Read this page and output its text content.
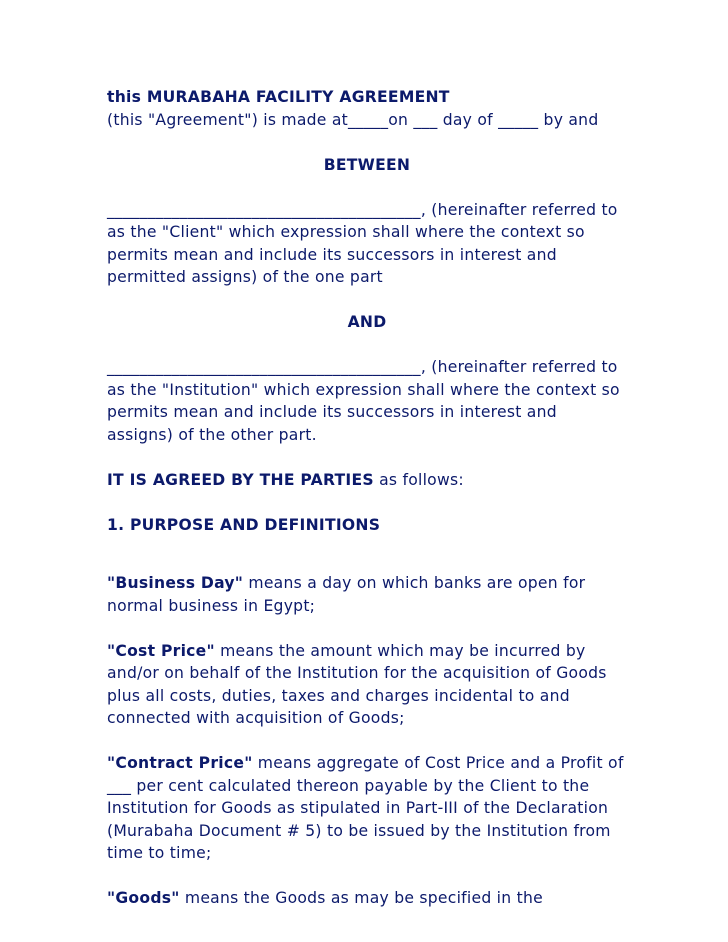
this MURABAHA FACILITY AGREEMENT
(this "Agreement") is made at_____on ___ day of _____ by and

BETWEEN

_______________________________________, (hereinafter referred to as the "Client" which expression shall where the context so permits mean and include its successors in interest and permitted assigns) of the one part

AND

_______________________________________, (hereinafter referred to as the "Institution" which expression shall where the context so permits mean and include its successors in interest and assigns) of the other part.

IT IS AGREED BY THE PARTIES as follows:

1. PURPOSE AND DEFINITIONS

"Business Day" means a day on which banks are open for normal business in Egypt;

"Cost Price" means the amount which may be incurred by and/or on behalf of the Institution for the acquisition of Goods plus all costs, duties, taxes and charges incidental to and connected with acquisition of Goods;

"Contract Price" means aggregate of Cost Price and a Profit of ___ per cent calculated thereon payable by the Client to the Institution for Goods as stipulated in Part-III of the Declaration (Murabaha Document # 5) to be issued by the Institution from time to time;

"Goods" means the Goods as may be specified in the
